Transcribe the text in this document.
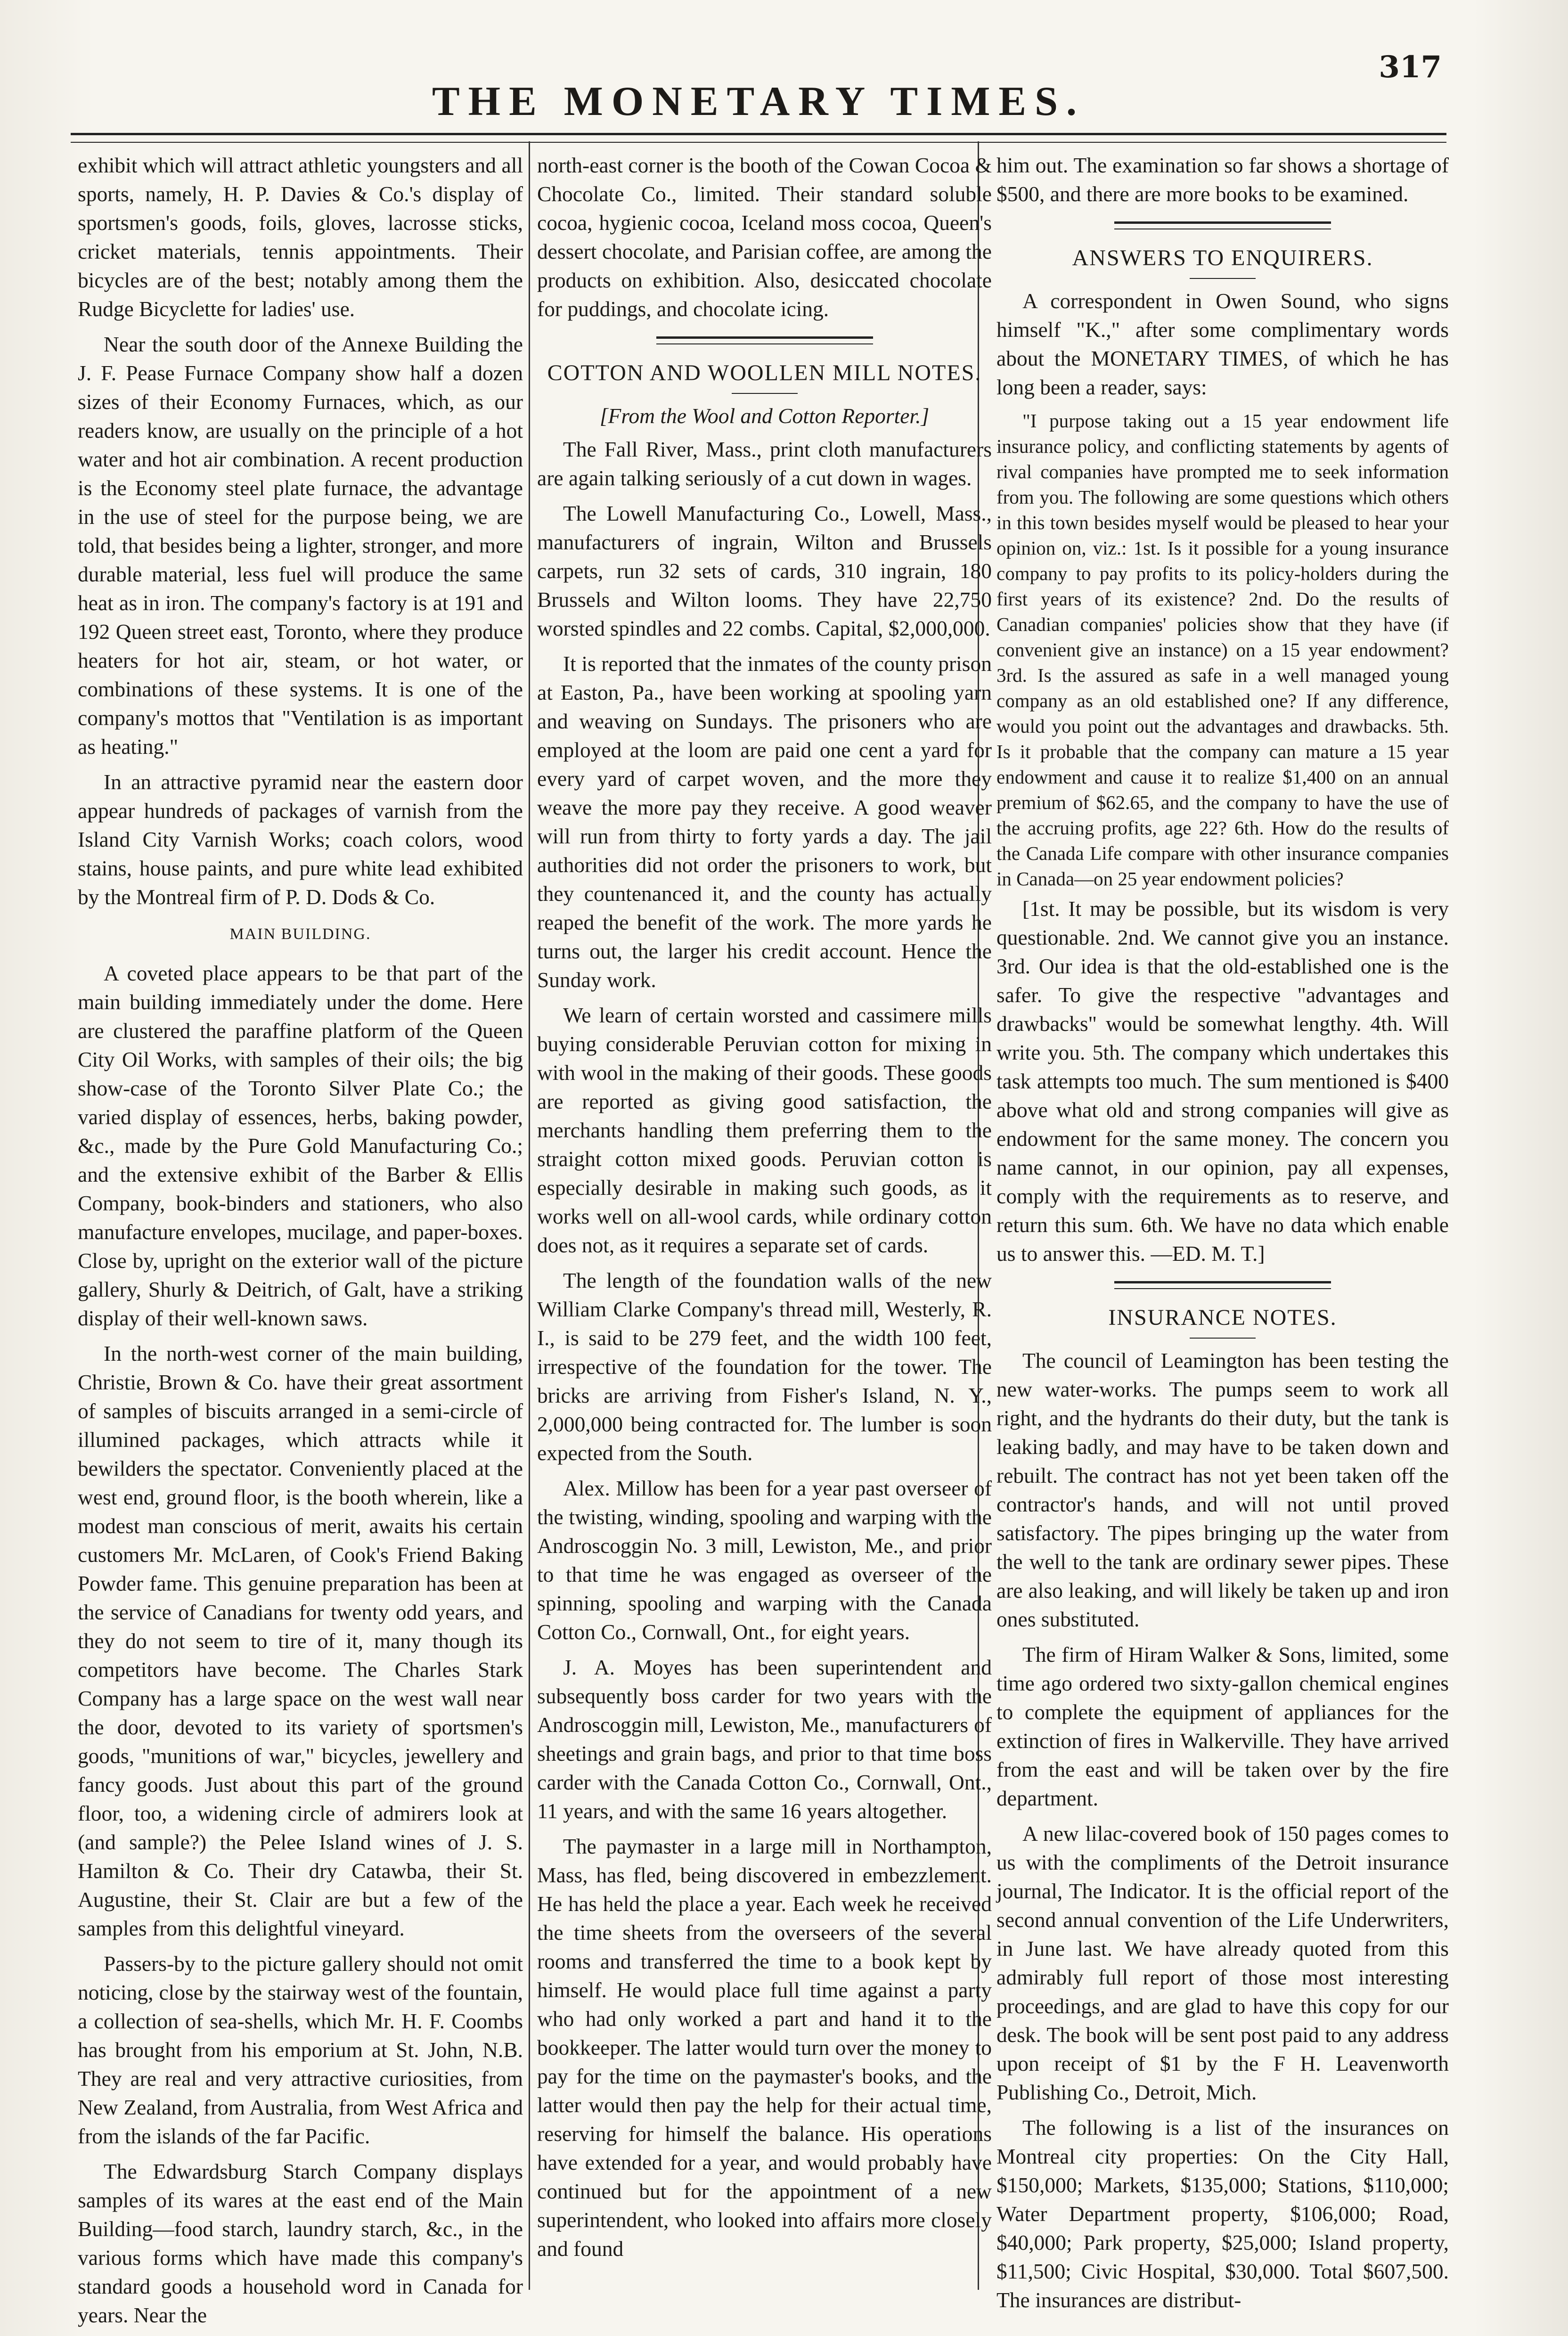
THE MONETARY TIMES.
317

exhibit which will attract athletic youngsters and all sports, namely, H. P. Davies & Co.'s display of sportsmen's goods, foils, gloves, lacrosse sticks, cricket materials, tennis appointments. Their bicycles are of the best; notably among them the Rudge Bicyclette for ladies' use.

Near the south door of the Annexe Building the J. F. Pease Furnace Company show half a dozen sizes of their Economy Furnaces, which, as our readers know, are usually on the principle of a hot water and hot air combination. A recent production is the Economy steel plate furnace, the advantage in the use of steel for the purpose being, we are told, that besides being a lighter, stronger, and more durable material, less fuel will produce the same heat as in iron. The company's factory is at 191 and 192 Queen street east, Toronto, where they produce heaters for hot air, steam, or hot water, or combinations of these systems. It is one of the company's mottos that "Ventilation is as important as heating."

In an attractive pyramid near the eastern door appear hundreds of packages of varnish from the Island City Varnish Works; coach colors, wood stains, house paints, and pure white lead exhibited by the Montreal firm of P. D. Dods & Co.

MAIN BUILDING.

A coveted place appears to be that part of the main building immediately under the dome. Here are clustered the paraffine platform of the Queen City Oil Works, with samples of their oils; the big show-case of the Toronto Silver Plate Co.; the varied display of essences, herbs, baking powder, &c., made by the Pure Gold Manufacturing Co.; and the extensive exhibit of the Barber & Ellis Company, book-binders and stationers, who also manufacture envelopes, mucilage, and paper-boxes. Close by, upright on the exterior wall of the picture gallery, Shurly & Deitrich, of Galt, have a striking display of their well-known saws.

In the north-west corner of the main building, Christie, Brown & Co. have their great assortment of samples of biscuits arranged in a semi-circle of illumined packages, which attracts while it bewilders the spectator. Conveniently placed at the west end, ground floor, is the booth wherein, like a modest man conscious of merit, awaits his certain customers Mr. McLaren, of Cook's Friend Baking Powder fame. This genuine preparation has been at the service of Canadians for twenty odd years, and they do not seem to tire of it, many though its competitors have become. The Charles Stark Company has a large space on the west wall near the door, devoted to its variety of sportsmen's goods, "munitions of war," bicycles, jewellery and fancy goods. Just about this part of the ground floor, too, a widening circle of admirers look at (and sample?) the Pelee Island wines of J. S. Hamilton & Co. Their dry Catawba, their St. Augustine, their St. Clair are but a few of the samples from this delightful vineyard.

Passers-by to the picture gallery should not omit noticing, close by the stairway west of the fountain, a collection of sea-shells, which Mr. H. F. Coombs has brought from his emporium at St. John, N.B. They are real and very attractive curiosities, from New Zealand, from Australia, from West Africa and from the islands of the far Pacific.

The Edwardsburg Starch Company displays samples of its wares at the east end of the Main Building—food starch, laundry starch, &c., in the various forms which have made this company's standard goods a household word in Canada for years. Near the

north-east corner is the booth of the Cowan Cocoa & Chocolate Co., limited. Their standard soluble cocoa, hygienic cocoa, Iceland moss cocoa, Queen's dessert chocolate, and Parisian coffee, are among the products on exhibition. Also, desiccated chocolate for puddings, and chocolate icing.

COTTON AND WOOLLEN MILL NOTES.
[From the Wool and Cotton Reporter.]

The Fall River, Mass., print cloth manufacturers are again talking seriously of a cut down in wages.

The Lowell Manufacturing Co., Lowell, Mass., manufacturers of ingrain, Wilton and Brussels carpets, run 32 sets of cards, 310 ingrain, 180 Brussels and Wilton looms. They have 22,750 worsted spindles and 22 combs. Capital, $2,000,000.

It is reported that the inmates of the county prison at Easton, Pa., have been working at spooling yarn and weaving on Sundays. The prisoners who are employed at the loom are paid one cent a yard for every yard of carpet woven, and the more they weave the more pay they receive. A good weaver will run from thirty to forty yards a day. The jail authorities did not order the prisoners to work, but they countenanced it, and the county has actually reaped the benefit of the work. The more yards he turns out, the larger his credit account. Hence the Sunday work.

We learn of certain worsted and cassimere mills buying considerable Peruvian cotton for mixing in with wool in the making of their goods. These goods are reported as giving good satisfaction, the merchants handling them preferring them to the straight cotton mixed goods. Peruvian cotton is especially desirable in making such goods, as it works well on all-wool cards, while ordinary cotton does not, as it requires a separate set of cards.

The length of the foundation walls of the new William Clarke Company's thread mill, Westerly, R. I., is said to be 279 feet, and the width 100 feet, irrespective of the foundation for the tower. The bricks are arriving from Fisher's Island, N. Y., 2,000,000 being contracted for. The lumber is soon expected from the South.

Alex. Millow has been for a year past overseer of the twisting, winding, spooling and warping with the Androscoggin No. 3 mill, Lewiston, Me., and prior to that time he was engaged as overseer of the spinning, spooling and warping with the Canada Cotton Co., Cornwall, Ont., for eight years.

J. A. Moyes has been superintendent and subsequently boss carder for two years with the Androscoggin mill, Lewiston, Me., manufacturers of sheetings and grain bags, and prior to that time boss carder with the Canada Cotton Co., Cornwall, Ont., 11 years, and with the same 16 years altogether.

The paymaster in a large mill in Northampton, Mass, has fled, being discovered in embezzlement. He has held the place a year. Each week he received the time sheets from the overseers of the several rooms and transferred the time to a book kept by himself. He would place full time against a party who had only worked a part and hand it to the bookkeeper. The latter would turn over the money to pay for the time on the paymaster's books, and the latter would then pay the help for their actual time, reserving for himself the balance. His operations have extended for a year, and would probably have continued but for the appointment of a new superintendent, who looked into affairs more closely and found

him out. The examination so far shows a shortage of $500, and there are more books to be examined.

ANSWERS TO ENQUIRERS.

A correspondent in Owen Sound, who signs himself "K.," after some complimentary words about the MONETARY TIMES, of which he has long been a reader, says:

"I purpose taking out a 15 year endowment life insurance policy, and conflicting statements by agents of rival companies have prompted me to seek information from you. The following are some questions which others in this town besides myself would be pleased to hear your opinion on, viz.: 1st. Is it possible for a young insurance company to pay profits to its policy-holders during the first years of its existence? 2nd. Do the results of Canadian companies' policies show that they have (if convenient give an instance) on a 15 year endowment? 3rd. Is the assured as safe in a well managed young company as an old established one? If any difference, would you point out the advantages and drawbacks. 5th. Is it probable that the company can mature a 15 year endowment and cause it to realize $1,400 on an annual premium of $62.65, and the company to have the use of the accruing profits, age 22? 6th. How do the results of the Canada Life compare with other insurance companies in Canada—on 25 year endowment policies?

[1st. It may be possible, but its wisdom is very questionable. 2nd. We cannot give you an instance. 3rd. Our idea is that the old-established one is the safer. To give the respective "advantages and drawbacks" would be somewhat lengthy. 4th. Will write you. 5th. The company which undertakes this task attempts too much. The sum mentioned is $400 above what old and strong companies will give as endowment for the same money. The concern you name cannot, in our opinion, pay all expenses, comply with the requirements as to reserve, and return this sum. 6th. We have no data which enable us to answer this. —ED. M. T.]

INSURANCE NOTES.

The council of Leamington has been testing the new water-works. The pumps seem to work all right, and the hydrants do their duty, but the tank is leaking badly, and may have to be taken down and rebuilt. The contract has not yet been taken off the contractor's hands, and will not until proved satisfactory. The pipes bringing up the water from the well to the tank are ordinary sewer pipes. These are also leaking, and will likely be taken up and iron ones substituted.

The firm of Hiram Walker & Sons, limited, some time ago ordered two sixty-gallon chemical engines to complete the equipment of appliances for the extinction of fires in Walkerville. They have arrived from the east and will be taken over by the fire department.

A new lilac-covered book of 150 pages comes to us with the compliments of the Detroit insurance journal, The Indicator. It is the official report of the second annual convention of the Life Underwriters, in June last. We have already quoted from this admirably full report of those most interesting proceedings, and are glad to have this copy for our desk. The book will be sent post paid to any address upon receipt of $1 by the F H. Leavenworth Publishing Co., Detroit, Mich.

The following is a list of the insurances on Montreal city properties: On the City Hall, $150,000; Markets, $135,000; Stations, $110,000; Water Department property, $106,000; Road, $40,000; Park property, $25,000; Island property, $11,500; Civic Hospital, $30,000. Total $607,500. The insurances are distribut-
